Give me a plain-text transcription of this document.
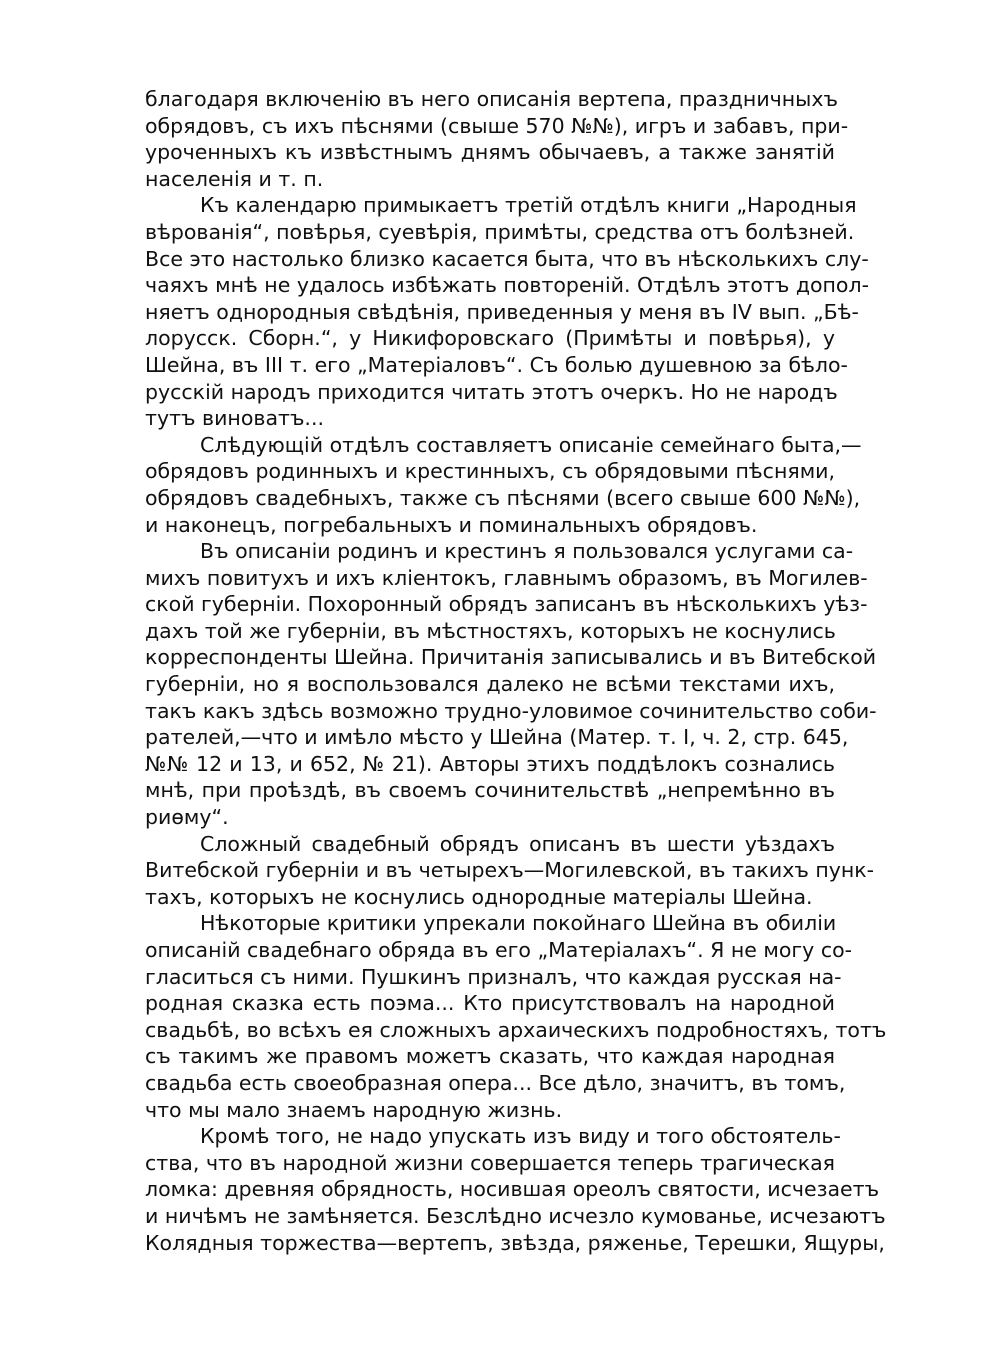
благодаря включенію въ него описанія вертепа, праздничныхъ
обрядовъ, съ ихъ пѣснями (свыше 570 №№), игръ и забавъ, при-
уроченныхъ къ извѣстнымъ днямъ обычаевъ, а также занятій
населенія и т. п.
Къ календарю примыкаетъ третій отдѣлъ книги „Народныя
вѣрованія“, повѣрья, суевѣрія, примѣты, средства отъ болѣзней.
Все это настолько близко касается быта, что въ нѣсколькихъ слу-
чаяхъ мнѣ не удалось избѣжать повтореній. Отдѣлъ этотъ допол-
няетъ однородныя свѣдѣнія, приведенныя у меня въ IV вып. „Бѣ-
лорусск. Сборн.“, у Никифоровскаго (Примѣты и повѣрья), у
Шейна, въ III т. его „Матеріаловъ“. Съ болью душевною за бѣло-
русскій народъ приходится читать этотъ очеркъ. Но не народъ
тутъ виноватъ...
Слѣдующій отдѣлъ составляетъ описаніе семейнаго быта,—
обрядовъ родинныхъ и крестинныхъ, съ обрядовыми пѣснями,
обрядовъ свадебныхъ, также съ пѣснями (всего свыше 600 №№),
и наконецъ, погребальныхъ и поминальныхъ обрядовъ.
Въ описаніи родинъ и крестинъ я пользовался услугами са-
михъ повитухъ и ихъ кліентокъ, главнымъ образомъ, въ Могилев-
ской губерніи. Похоронный обрядъ записанъ въ нѣсколькихъ уѣз-
дахъ той же губерніи, въ мѣстностяхъ, которыхъ не коснулись
корреспонденты Шейна. Причитанія записывались и въ Витебской
губерніи, но я воспользовался далеко не всѣми текстами ихъ,
такъ какъ здѣсь возможно трудно-уловимое сочинительство соби-
рателей,—что и имѣло мѣсто у Шейна (Матер. т. I, ч. 2, стр. 645,
№№ 12 и 13, и 652, № 21). Авторы этихъ поддѣлокъ сознались
мнѣ, при проѣздѣ, въ своемъ сочинительствѣ „непремѣнно въ
риѳму“.
Сложный свадебный обрядъ описанъ въ шести уѣздахъ
Витебской губерніи и въ четырехъ—Могилевской, въ такихъ пунк-
тахъ, которыхъ не коснулись однородные матеріалы Шейна.
Нѣкоторые критики упрекали покойнаго Шейна въ обиліи
описаній свадебнаго обряда въ его „Матеріалахъ“. Я не могу со-
гласиться съ ними. Пушкинъ призналъ, что каждая русская на-
родная сказка есть поэма... Кто присутствовалъ на народной
свадьбѣ, во всѣхъ ея сложныхъ архаическихъ подробностяхъ, тотъ
съ такимъ же правомъ можетъ сказать, что каждая народная
свадьба есть своеобразная опера... Все дѣло, значитъ, въ томъ,
что мы мало знаемъ народную жизнь.
Кромѣ того, не надо упускать изъ виду и того обстоятель-
ства, что въ народной жизни совершается теперь трагическая
ломка: древняя обрядность, носившая ореолъ святости, исчезаетъ
и ничѣмъ не замѣняется. Безслѣдно исчезло кумованье, исчезаютъ
Колядныя торжества—вертепъ, звѣзда, ряженье, Терешки, Ящуры,
